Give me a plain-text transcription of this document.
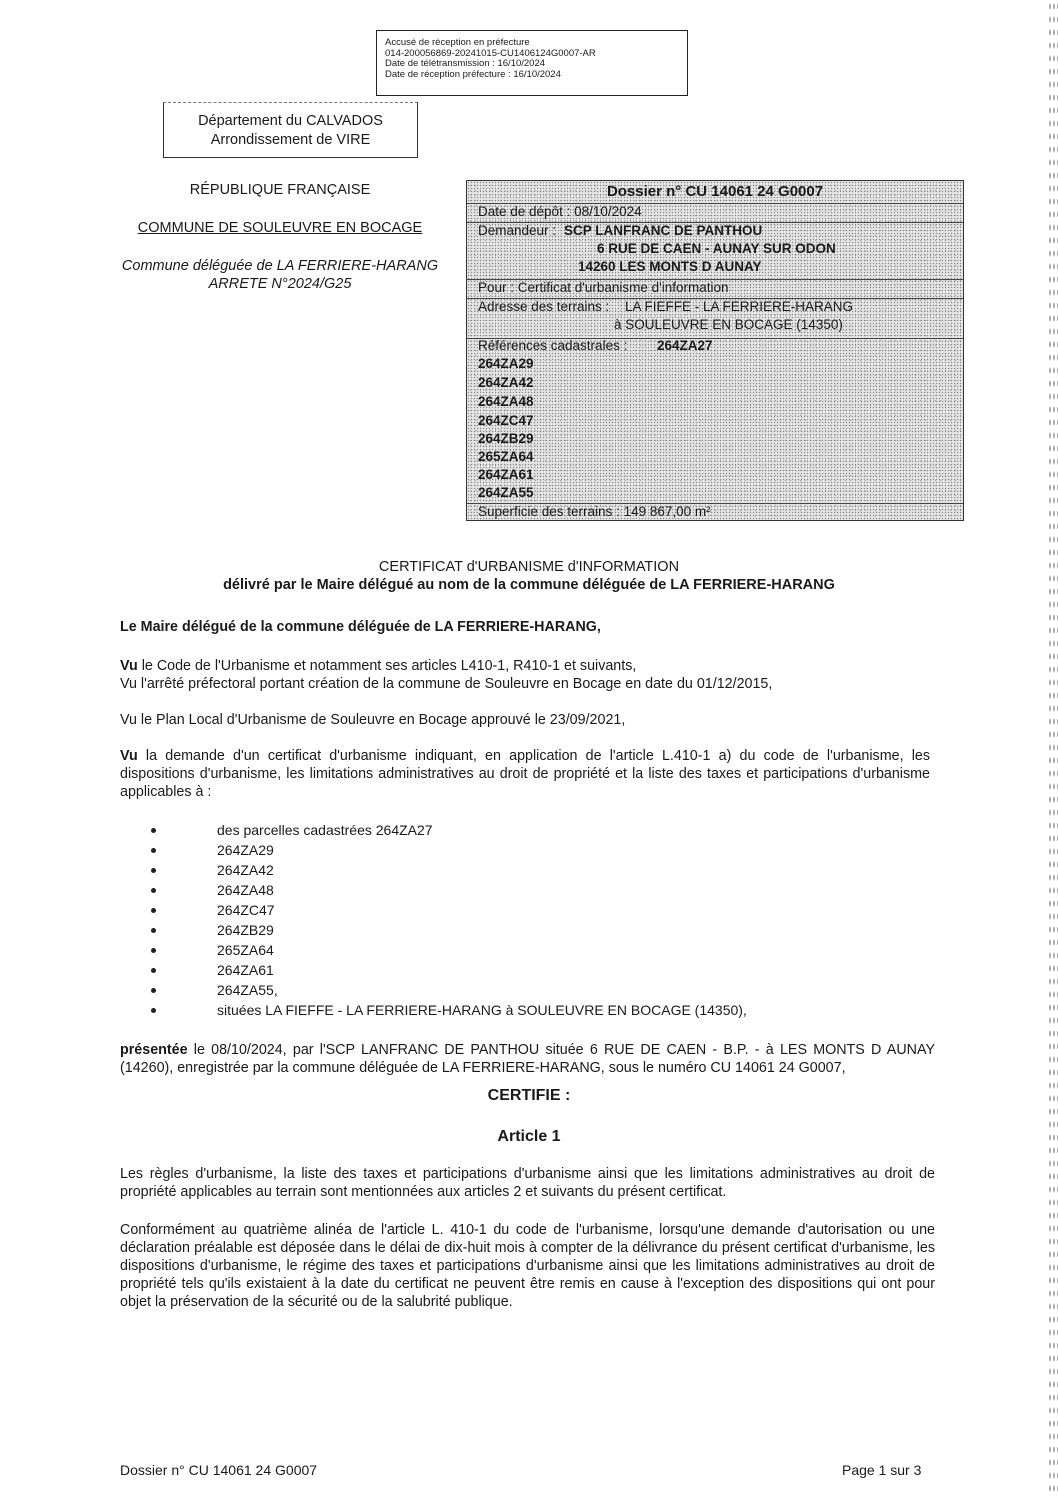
Accusé de réception en préfecture
014-200056869-20241015-CU1406124G0007-AR
Date de télétransmission : 16/10/2024
Date de réception préfecture : 16/10/2024
Département du CALVADOS
Arrondissement de VIRE
RÉPUBLIQUE FRANÇAISE
COMMUNE DE SOULEUVRE EN BOCAGE
Commune déléguée de LA FERRIERE-HARANG
ARRETE N°2024/G25
Dossier n° CU 14061 24 G0007
Date de dépôt : 08/10/2024
Demandeur : SCP LANFRANC DE PANTHOU
6 RUE DE CAEN - AUNAY SUR ODON
14260 LES MONTS D AUNAY
Pour : Certificat d'urbanisme d'information
Adresse des terrains : LA FIEFFE - LA FERRIERE-HARANG
à SOULEUVRE EN BOCAGE (14350)
Références cadastrales : 264ZA27
264ZA29
264ZA42
264ZA48
264ZC47
264ZB29
265ZA64
264ZA61
264ZA55
Superficie des terrains : 149 867,00 m²
CERTIFICAT d'URBANISME d'INFORMATION
délivré par le Maire délégué au nom de la commune déléguée de LA FERRIERE-HARANG
Le Maire délégué de la commune déléguée de LA FERRIERE-HARANG,
Vu le Code de l'Urbanisme et notamment ses articles L410-1, R410-1 et suivants,
Vu l'arrêté préfectoral portant création de la commune de Souleuvre en Bocage en date du 01/12/2015,
Vu le Plan Local d'Urbanisme de Souleuvre en Bocage approuvé le 23/09/2021,
Vu la demande d'un certificat d'urbanisme indiquant, en application de l'article L.410-1 a) du code de l'urbanisme, les dispositions d'urbanisme, les limitations administratives au droit de propriété et la liste des taxes et participations d'urbanisme applicables à :
des parcelles cadastrées 264ZA27
264ZA29
264ZA42
264ZA48
264ZC47
264ZB29
265ZA64
264ZA61
264ZA55,
situées LA FIEFFE - LA FERRIERE-HARANG à SOULEUVRE EN BOCAGE (14350),
présentée le 08/10/2024, par l'SCP LANFRANC DE PANTHOU située 6 RUE DE CAEN - B.P. - à LES MONTS D AUNAY (14260), enregistrée par la commune déléguée de LA FERRIERE-HARANG, sous le numéro CU 14061 24 G0007,
CERTIFIE :
Article 1
Les règles d'urbanisme, la liste des taxes et participations d'urbanisme ainsi que les limitations administratives au droit de propriété applicables au terrain sont mentionnées aux articles 2 et suivants du présent certificat.
Conformément au quatrième alinéa de l'article L. 410-1 du code de l'urbanisme, lorsqu'une demande d'autorisation ou une déclaration préalable est déposée dans le délai de dix-huit mois à compter de la délivrance du présent certificat d'urbanisme, les dispositions d'urbanisme, le régime des taxes et participations d'urbanisme ainsi que les limitations administratives au droit de propriété tels qu'ils existaient à la date du certificat ne peuvent être remis en cause à l'exception des dispositions qui ont pour objet la préservation de la sécurité ou de la salubrité publique.
Dossier n° CU 14061 24 G0007	Page 1 sur 3
